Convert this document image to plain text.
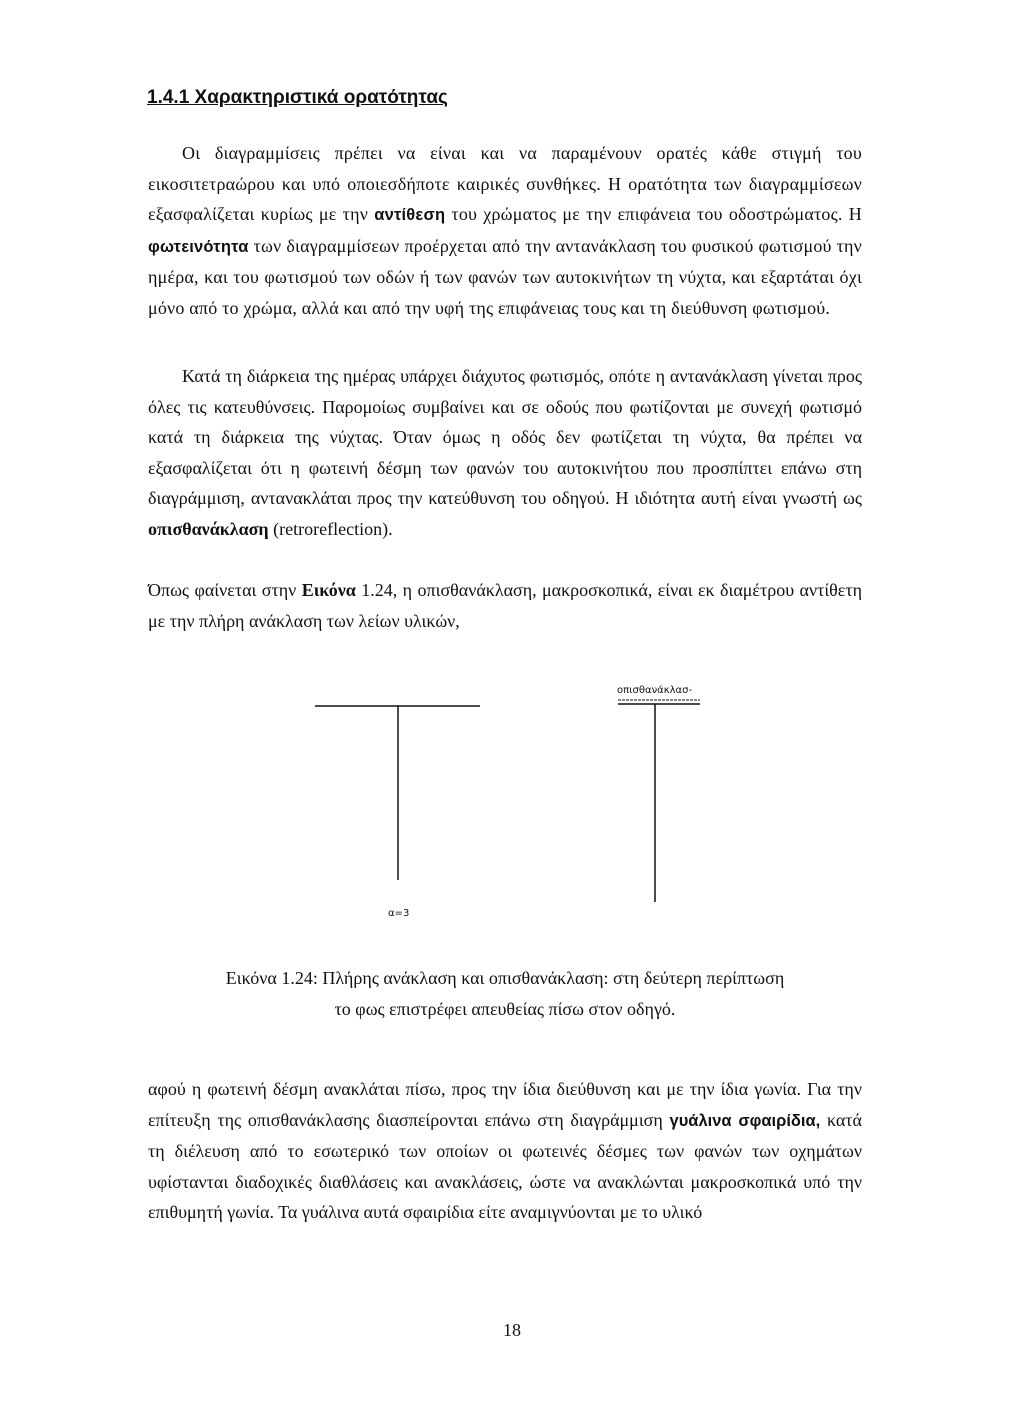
1.4.1 Χαρακτηριστικά ορατότητας

Οι διαγραμμίσεις πρέπει να είναι και να παραμένουν ορατές κάθε στιγμή του εικοσιτετραώρου και υπό οποιεσδήποτε καιρικές συνθήκες. Η ορατότητα των διαγραμμίσεων εξασφαλίζεται κυρίως με την αντίθεση του χρώματος με την επιφάνεια του οδοστρώματος. Η φωτεινότητα των διαγραμμίσεων προέρχεται από την αντανάκλαση του φυσικού φωτισμού την ημέρα, και του φωτισμού των οδών ή των φανών των αυτοκινήτων τη νύχτα, και εξαρτάται όχι μόνο από το χρώμα, αλλά και από την υφή της επιφάνειας τους και τη διεύθυνση φωτισμού.

Κατά τη διάρκεια της ημέρας υπάρχει διάχυτος φωτισμός, οπότε η αντανάκλαση γίνεται προς όλες τις κατευθύνσεις. Παρομοίως συμβαίνει και σε οδούς που φωτίζονται με συνεχή φωτισμό κατά τη διάρκεια της νύχτας. Όταν όμως η οδός δεν φωτίζεται τη νύχτα, θα πρέπει να εξασφαλίζεται ότι η φωτεινή δέσμη των φανών του αυτοκινήτου που προσπίπτει επάνω στη διαγράμμιση, αντανακλάται προς την κατεύθυνση του οδηγού. Η ιδιότητα αυτή είναι γνωστή ως οπισθανάκλαση (retroreflection).

Όπως φαίνεται στην Εικόνα 1.24, η οπισθανάκλαση, μακροσκοπικά, είναι εκ διαμέτρου αντίθετη με την πλήρη ανάκλαση των λείων υλικών,

α=3
οπισθανάκλασ-
Εικόνα 1.24: Πλήρης ανάκλαση και οπισθανάκλαση: στη δεύτερη περίπτωση
το φως επιστρέφει απευθείας πίσω στον οδηγό.

αφού η φωτεινή δέσμη ανακλάται πίσω, προς την ίδια διεύθυνση και με την ίδια γωνία. Για την επίτευξη της οπισθανάκλασης διασπείρονται επάνω στη διαγράμμιση γυάλινα σφαιρίδια, κατά τη διέλευση από το εσωτερικό των οποίων οι φωτεινές δέσμες των φανών των οχημάτων υφίστανται διαδοχικές διαθλάσεις και ανακλάσεις, ώστε να ανακλώνται μακροσκοπικά υπό την επιθυμητή γωνία. Τα γυάλινα αυτά σφαιρίδια είτε αναμιγνύονται με το υλικό

18
